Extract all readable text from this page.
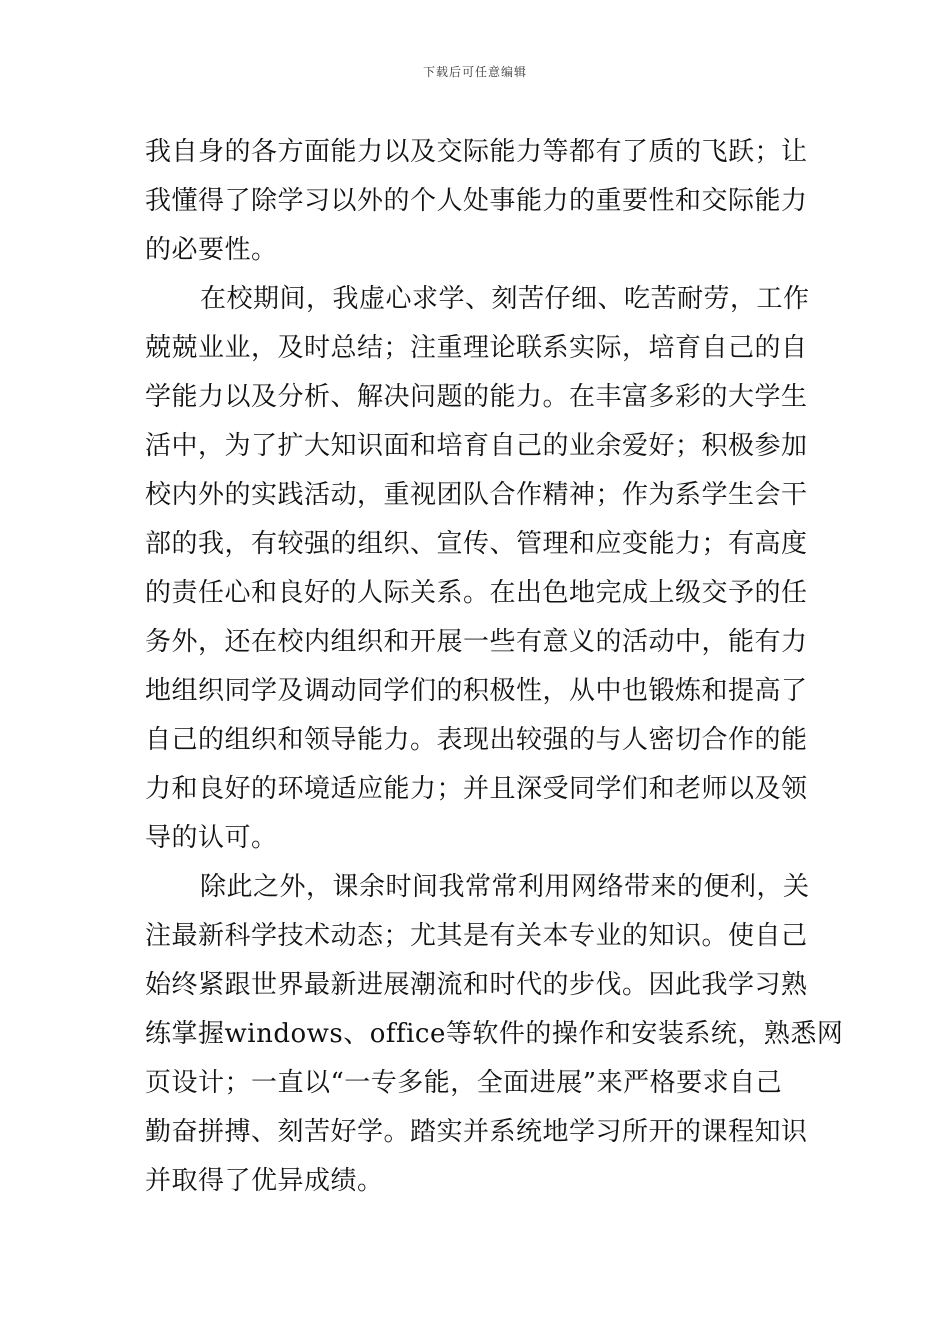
下载后可任意编辑

我自身的各方面能力以及交际能力等都有了质的飞跃；让
我懂得了除学习以外的个人处事能力的重要性和交际能力
的必要性。

在校期间，我虚心求学、刻苦仔细、吃苦耐劳，工作
兢兢业业，及时总结；注重理论联系实际，培育自己的自
学能力以及分析、解决问题的能力。在丰富多彩的大学生
活中，为了扩大知识面和培育自己的业余爱好；积极参加
校内外的实践活动，重视团队合作精神；作为系学生会干
部的我，有较强的组织、宣传、管理和应变能力；有高度
的责任心和良好的人际关系。在出色地完成上级交予的任
务外，还在校内组织和开展一些有意义的活动中，能有力
地组织同学及调动同学们的积极性，从中也锻炼和提高了
自己的组织和领导能力。表现出较强的与人密切合作的能
力和良好的环境适应能力；并且深受同学们和老师以及领
导的认可。

除此之外，课余时间我常常利用网络带来的便利，关
注最新科学技术动态；尤其是有关本专业的知识。使自己
始终紧跟世界最新进展潮流和时代的步伐。因此我学习熟
练掌握windows、office等软件的操作和安装系统，熟悉网
页设计；一直以“一专多能，全面进展”来严格要求自己
勤奋拼搏、刻苦好学。踏实并系统地学习所开的课程知识
并取得了优异成绩。
